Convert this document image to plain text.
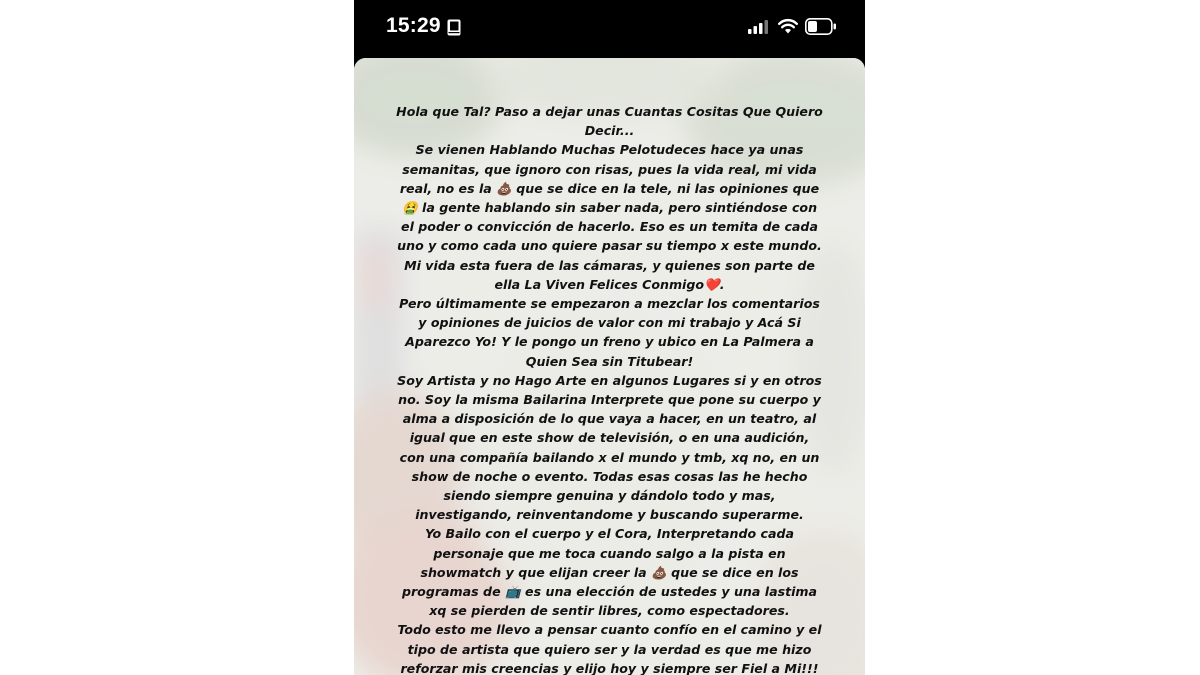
15:29
Hola que Tal? Paso a dejar unas Cuantas Cositas Que Quiero
Decir...
Se vienen Hablando Muchas Pelotudeces hace ya unas
semanitas, que ignoro con risas, pues la vida real, mi vida
real, no es la 💩 que se dice en la tele, ni las opiniones que
🤮 la gente hablando sin saber nada, pero sintiéndose con
el poder o convicción de hacerlo. Eso es un temita de cada
uno y como cada uno quiere pasar su tiempo x este mundo.
Mi vida esta fuera de las cámaras, y quienes son parte de
ella La Viven Felices Conmigo❤️.
Pero últimamente se empezaron a mezclar los comentarios
y opiniones de juicios de valor con mi trabajo y Acá Si
Aparezco Yo! Y le pongo un freno y ubico en La Palmera a
Quien Sea sin Titubear!
Soy Artista y no Hago Arte en algunos Lugares si y en otros
no. Soy la misma Bailarina Interprete que pone su cuerpo y
alma a disposición de lo que vaya a hacer, en un teatro, al
igual que en este show de televisión, o en una audición,
con una compañía bailando x el mundo y tmb, xq no, en un
show de noche o evento. Todas esas cosas las he hecho
siendo siempre genuina y dándolo todo y mas,
investigando, reinventandome y buscando superarme.
Yo Bailo con el cuerpo y el Cora, Interpretando cada
personaje que me toca cuando salgo a la pista en
showmatch y que elijan creer la 💩 que se dice en los
programas de 📺 es una elección de ustedes y una lastima
xq se pierden de sentir libres, como espectadores.
Todo esto me llevo a pensar cuanto confío en el camino y el
tipo de artista que quiero ser y la verdad es que me hizo
reforzar mis creencias y elijo hoy y siempre ser Fiel a Mi!!!
